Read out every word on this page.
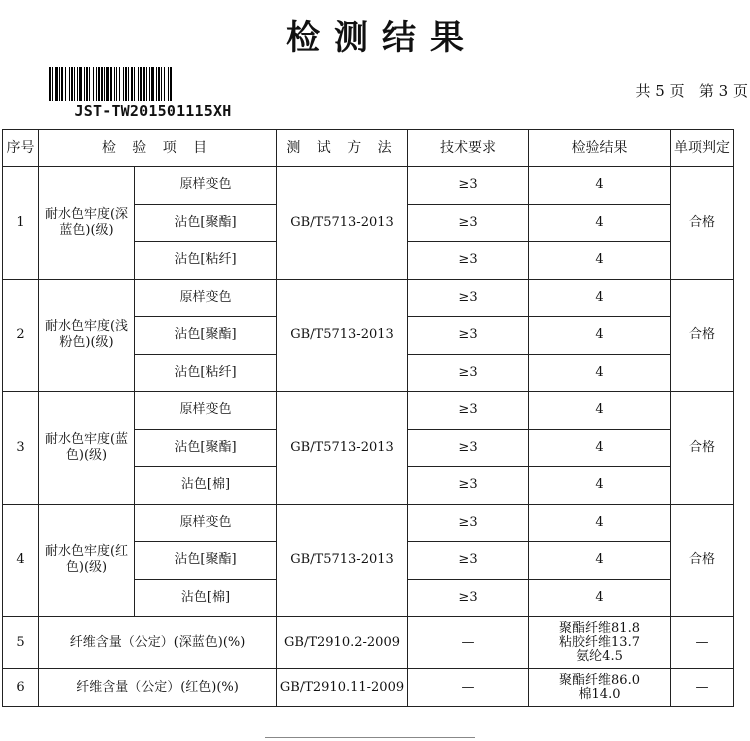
检测结果
JST-TW201501115XH
共 5 页   第 3 页
序号	检 验 项 目		测 试 方 法	技术要求	检验结果	单项判定
1	耐水色牢度(深蓝色)(级)	原样变色	GB/T5713-2013	≥3	4	合格
		沾色[聚酯]		≥3	4	
		沾色[粘纤]		≥3	4	
2	耐水色牢度(浅粉色)(级)	原样变色	GB/T5713-2013	≥3	4	合格
		沾色[聚酯]		≥3	4	
		沾色[粘纤]		≥3	4	
3	耐水色牢度(蓝色)(级)	原样变色	GB/T5713-2013	≥3	4	合格
		沾色[聚酯]		≥3	4	
		沾色[棉]		≥3	4	
4	耐水色牢度(红色)(级)	原样变色	GB/T5713-2013	≥3	4	合格
		沾色[聚酯]		≥3	4	
		沾色[棉]		≥3	4	
5	纤维含量（公定）(深蓝色)(%)		GB/T2910.2-2009	—	聚酯纤维81.8
粘胶纤维13.7
氨纶4.5	—
6	纤维含量（公定）(红色)(%)		GB/T2910.11-2009	—	聚酯纤维86.0
棉14.0	—
